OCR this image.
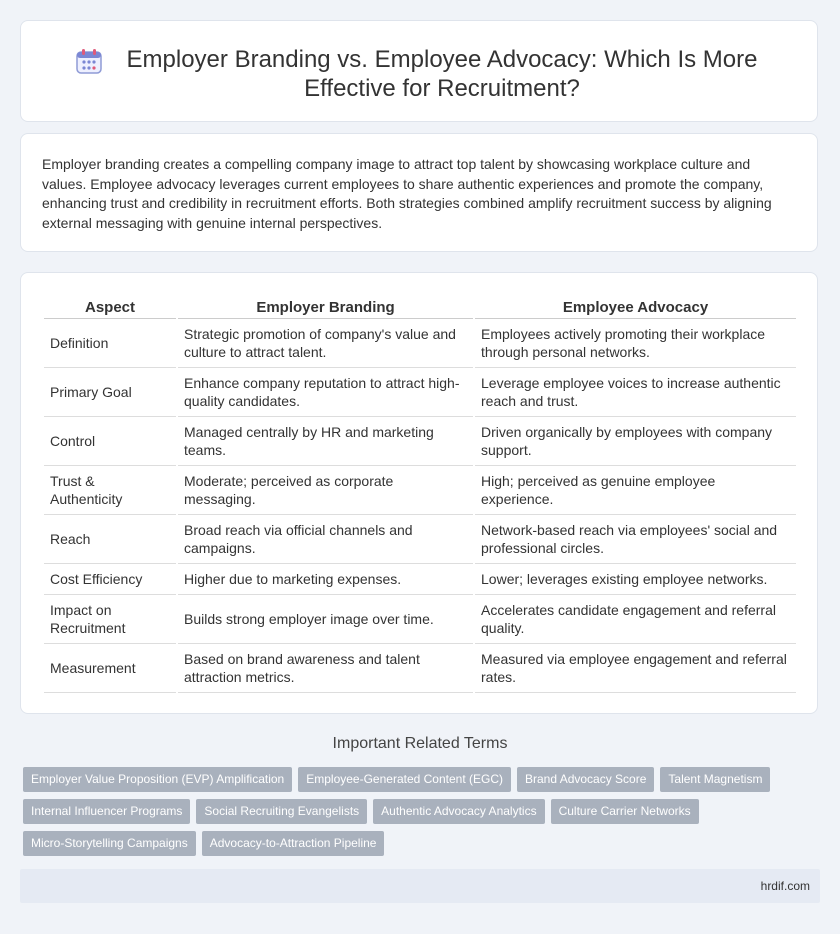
Employer Branding vs. Employee Advocacy: Which Is More Effective for Recruitment?

Employer branding creates a compelling company image to attract top talent by showcasing workplace culture and values. Employee advocacy leverages current employees to share authentic experiences and promote the company, enhancing trust and credibility in recruitment efforts. Both strategies combined amplify recruitment success by aligning external messaging with genuine internal perspectives.

Aspect	Employer Branding	Employee Advocacy
Definition	Strategic promotion of company's value and culture to attract talent.	Employees actively promoting their workplace through personal networks.
Primary Goal	Enhance company reputation to attract high-quality candidates.	Leverage employee voices to increase authentic reach and trust.
Control	Managed centrally by HR and marketing teams.	Driven organically by employees with company support.
Trust & Authenticity	Moderate; perceived as corporate messaging.	High; perceived as genuine employee experience.
Reach	Broad reach via official channels and campaigns.	Network-based reach via employees' social and professional circles.
Cost Efficiency	Higher due to marketing expenses.	Lower; leverages existing employee networks.
Impact on Recruitment	Builds strong employer image over time.	Accelerates candidate engagement and referral quality.
Measurement	Based on brand awareness and talent attraction metrics.	Measured via employee engagement and referral rates.
Important Related Terms
Employer Value Proposition (EVP) Amplification Employee-Generated Content (EGC) Brand Advocacy Score Talent Magnetism
Internal Influencer Programs Social Recruiting Evangelists Authentic Advocacy Analytics Culture Carrier Networks
Micro-Storytelling Campaigns Advocacy-to-Attraction Pipeline
hrdif.com
